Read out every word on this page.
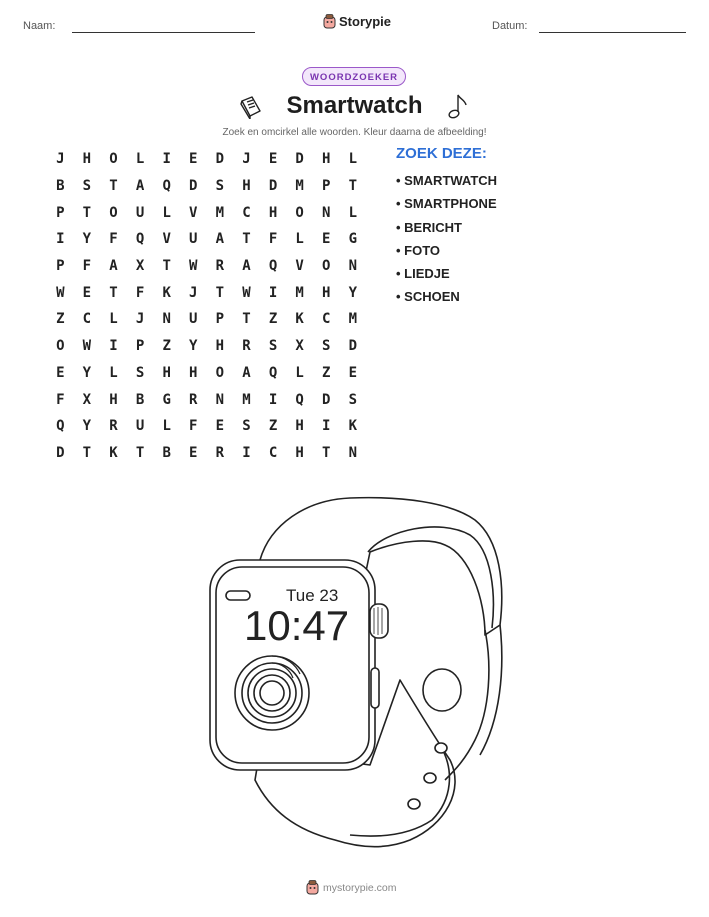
Naam:	Storypie	Datum:
WOORDZOEKER
Smartwatch
Zoek en omcirkel alle woorden. Kleur daarna de afbeelding!
J	H	O	L	I	E	D	J	E	D	H	L
B	S	T	A	Q	D	S	H	D	M	P	T
P	T	O	U	L	V	M	C	H	O	N	L
I	Y	F	Q	V	U	A	T	F	L	E	G
P	F	A	X	T	W	R	A	Q	V	O	N
W	E	T	F	K	J	T	W	I	M	H	Y
Z	C	L	J	N	U	P	T	Z	K	C	M
O	W	I	P	Z	Y	H	R	S	X	S	D
E	Y	L	S	H	H	O	A	Q	L	Z	E
F	X	H	B	G	R	N	M	I	Q	D	S
Q	Y	R	U	L	F	E	S	Z	H	I	K
D	T	K	T	B	E	R	I	C	H	T	N
ZOEK DEZE:
• SMARTWATCH
• SMARTPHONE
• BERICHT
• FOTO
• LIEDJE
• SCHOEN
Tue 23
10:47
mystorypie.com
